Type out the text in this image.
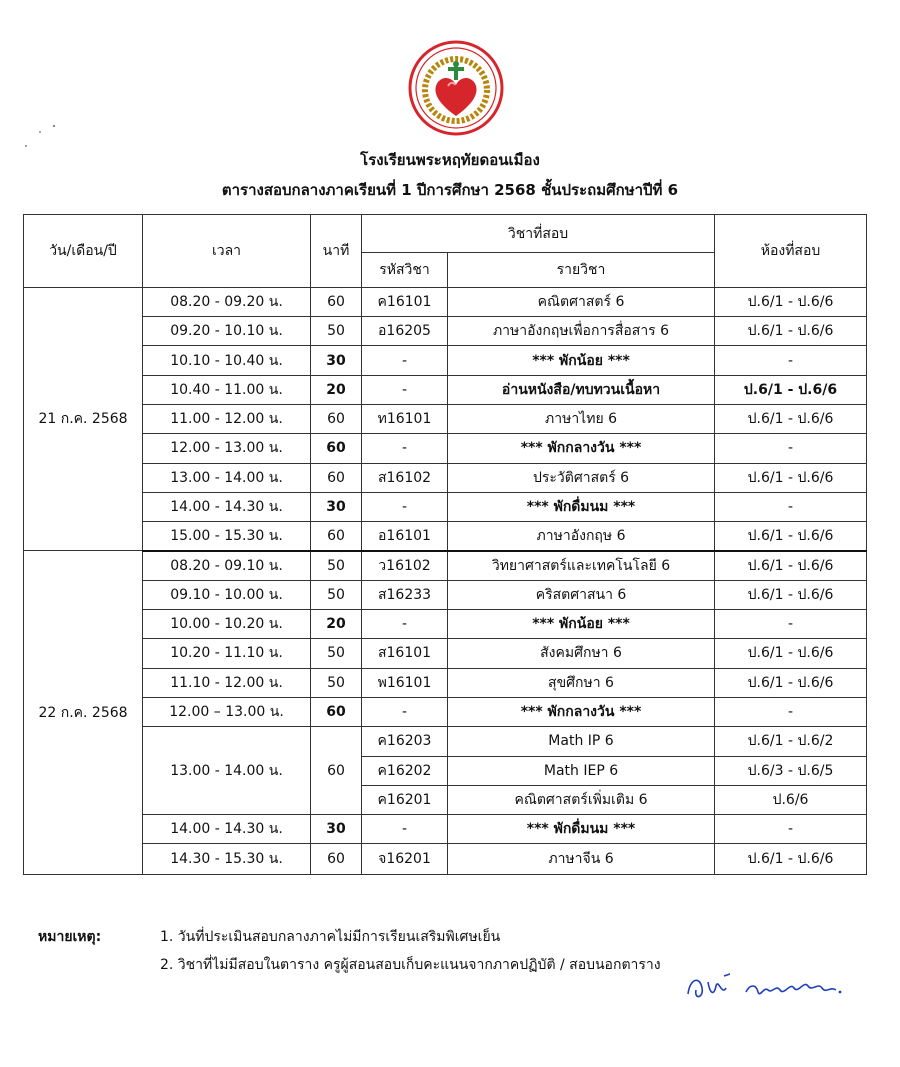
โรงเรียนพระหฤทัยดอนเมือง
ตารางสอบกลางภาคเรียนที่ 1 ปีการศึกษา 2568 ชั้นประถมศึกษาปีที่ 6
วัน/เดือน/ปี	เวลา	นาที	วิชาที่สอบ		ห้องที่สอบ
			รหัสวิชา	รายวิชา	
21 ก.ค. 2568	08.20 - 09.20 น.	60	ค16101	คณิตศาสตร์ 6	ป.6/1 - ป.6/6
	09.20 - 10.10 น.	50	อ16205	ภาษาอังกฤษเพื่อการสื่อสาร 6	ป.6/1 - ป.6/6
	10.10 - 10.40 น.	30	-	*** พักน้อย ***	-
	10.40 - 11.00 น.	20	-	อ่านหนังสือ/ทบทวนเนื้อหา	ป.6/1 - ป.6/6
	11.00 - 12.00 น.	60	ท16101	ภาษาไทย 6	ป.6/1 - ป.6/6
	12.00 - 13.00 น.	60	-	*** พักกลางวัน ***	-
	13.00 - 14.00 น.	60	ส16102	ประวัติศาสตร์ 6	ป.6/1 - ป.6/6
	14.00 - 14.30 น.	30	-	*** พักดื่มนม ***	-
	15.00 - 15.30 น.	60	อ16101	ภาษาอังกฤษ 6	ป.6/1 - ป.6/6
22 ก.ค. 2568	08.20 - 09.10 น.	50	ว16102	วิทยาศาสตร์และเทคโนโลยี 6	ป.6/1 - ป.6/6
	09.10 - 10.00 น.	50	ส16233	คริสตศาสนา 6	ป.6/1 - ป.6/6
	10.00 - 10.20 น.	20	-	*** พักน้อย ***	-
	10.20 - 11.10 น.	50	ส16101	สังคมศึกษา 6	ป.6/1 - ป.6/6
	11.10 - 12.00 น.	50	พ16101	สุขศึกษา 6	ป.6/1 - ป.6/6
	12.00 – 13.00 น.	60	-	*** พักกลางวัน ***	-
	13.00 - 14.00 น.	60	ค16203	Math IP 6	ป.6/1 - ป.6/2
			ค16202	Math IEP 6	ป.6/3 - ป.6/5
			ค16201	คณิตศาสตร์เพิ่มเติม 6	ป.6/6
	14.00 - 14.30 น.	30	-	*** พักดื่มนม ***	-
	14.30 - 15.30 น.	60	จ16201	ภาษาจีน 6	ป.6/1 - ป.6/6
หมายเหตุ:	1. วันที่ประเมินสอบกลางภาคไม่มีการเรียนเสริมพิเศษเย็น
2. วิชาที่ไม่มีสอบในตาราง ครูผู้สอนสอบเก็บคะแนนจากภาคปฏิบัติ / สอบนอกตาราง
